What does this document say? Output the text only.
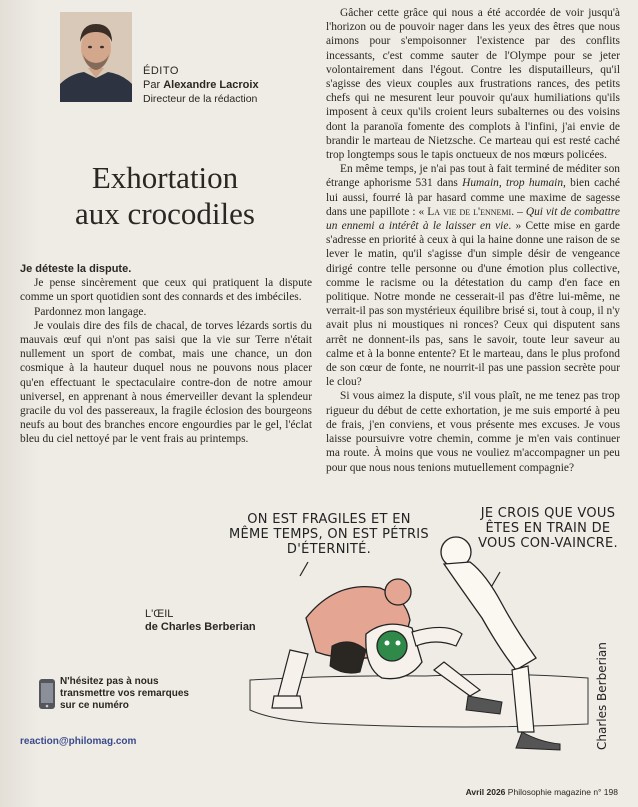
ÉDITO
Par Alexandre Lacroix
Directeur de la rédaction
Exhortation
aux crocodiles

Je déteste la dispute.

Je pense sincèrement que ceux qui pratiquent la dispute comme un sport quotidien sont des connards et des imbéciles.

Pardonnez mon langage.

Je voulais dire des fils de chacal, de torves lézards sortis du mauvais œuf qui n'ont pas saisi que la vie sur Terre n'était nullement un sport de combat, mais une chance, un don cosmique à la hauteur duquel nous ne pouvons nous placer qu'en effectuant le spectaculaire contre-don de notre amour universel, en apprenant à nous émerveiller devant la splendeur gracile du vol des passereaux, la fragile éclosion des bourgeons neufs au bout des branches encore engourdies par le gel, l'éclat bleu du ciel nettoyé par le vent frais au printemps.

Gâcher cette grâce qui nous a été accordée de voir jusqu'à l'horizon ou de pouvoir nager dans les yeux des êtres que nous aimons pour s'empoisonner l'existence par des conflits incessants, c'est comme sauter de l'Olympe pour se jeter volontairement dans l'égout. Contre les disputailleurs, qu'il s'agisse des vieux couples aux frustrations rances, des petits chefs qui ne mesurent leur pouvoir qu'aux humiliations qu'ils imposent à ceux qu'ils croient leurs subalternes ou des voisins dont la paranoïa fomente des complots à l'infini, j'ai envie de brandir le marteau de Nietzsche. Ce marteau qui est resté caché trop longtemps sous le tapis onctueux de nos mœurs policées.

En même temps, je n'ai pas tout à fait terminé de méditer son étrange aphorisme 531 dans Humain, trop humain, bien caché lui aussi, fourré là par hasard comme une maxime de sagesse dans une papillote : « La vie de l'ennemi. – Qui vit de combattre un ennemi a intérêt à le laisser en vie. » Cette mise en garde s'adresse en priorité à ceux à qui la haine donne une raison de se lever le matin, qu'il s'agisse d'un simple désir de vengeance dirigé contre telle personne ou d'une émotion plus collective, comme le racisme ou la détestation du camp d'en face en politique. Notre monde ne cesserait-il pas d'être lui-même, ne verrait-il pas son mystérieux équilibre brisé si, tout à coup, il n'y avait plus ni moustiques ni ronces? Ceux qui disputent sans arrêt ne donnent-ils pas, sans le savoir, toute leur saveur au calme et à la bonne entente? Et le marteau, dans le plus profond de son cœur de fonte, ne nourrit-il pas une passion secrète pour le clou?

Si vous aimez la dispute, s'il vous plaît, ne me tenez pas trop rigueur du début de cette exhortation, je me suis emporté à peu de frais, j'en conviens, et vous présente mes excuses. Je vous laisse poursuivre votre chemin, comme je m'en vais continuer ma route. À moins que vous ne vouliez m'accompagner un peu pour que nous nous tenions mutuellement compagnie?

Charles Berberian
ON EST FRAGILES ET EN MÊME TEMPS, ON EST PÉTRIS D'ÉTERNITÉ.
JE CROIS QUE VOUS ÊTES EN TRAIN DE VOUS CON-VAINCRE.
L'ŒIL
de Charles Berberian
N'hésitez pas à nous transmettre vos remarques sur ce numéro
reaction@philomag.com
Avril 2026 Philosophie magazine n° 198
